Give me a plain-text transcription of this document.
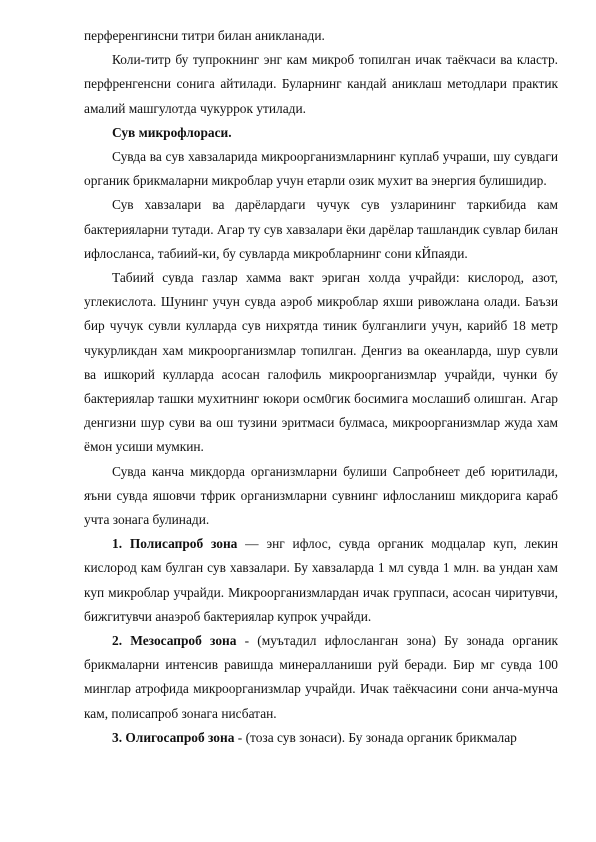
перференгинсни титри билан аникланади.

Коли-титр бу тупрокнинг энг кам микроб топилган ичак таёкчаси ва кластр. перфренгенсни сонига айтилади. Буларнинг кандай аниклаш методлари практик амалий машгулотда чукуррок утилади.

Сув микрофлораси.

Сувда ва сув хавзаларида микроорганизмларнинг куплаб учраши, шу сувдаги органик брикмаларни микроблар учун етарли озик мухит ва энергия булишидир.

Сув хавзалари ва дарёлардаги чучук сув узларининг таркибида кам бактерияларни тутади. Агар ту сув хавзалари ёки дарёлар ташландик сувлар билан ифлосланса, табиий-ки, бу сувларда микробларнинг сони кЙпаяди.

Табиий сувда газлар хамма вакт эриган холда учрайди: кислород, азот, углекислота. Шунинг учун сувда аэроб микроблар яхши ривожлана олади. Баъзи бир чучук сувли кулларда сув нихрятда тиник булганлиги учун, карийб 18 метр чукурликдан хам микроорганизмлар топилган. Денгиз ва океанларда, шур сувли ва ишкорий кулларда асосан галофиль микроорганизмлар учрайди, чунки бу бактериялар ташки мухитнинг юкори осм0гик босимига мослашиб олишган. Агар денгизни шур суви ва ош тузини эритмаси булмаса, микроорганизмлар жуда хам ёмон усиши мумкин.

Сувда канча микдорда организмларни булиши Сапробнеет деб юритилади, яъни сувда яшовчи тфрик организмларни сувнинг ифлосланиш микдорига караб учта зонага булинади.

1. Полисапроб зона — энг ифлос, сувда органик модцалар куп, лекин кислород кам булган сув хавзалари. Бу хавзаларда 1 мл сувда 1 млн. ва ундан хам куп микроблар учрайди. Микроорганизмлардан ичак группаси, асосан чиритувчи, бижгитувчи анаэроб бактериялар купрок учрайди.

2. Мезосапроб зона - (муътадил ифлосланган зона) Бу зонада органик брикмаларни интенсив равишда минералланиши руй беради. Бир мг сувда 100 минглар атрофида микроорганизмлар учрайди. Ичак таёкчасини сони анча-мунча кам, полисапроб зонага нисбатан.

3. Олигосапроб зона - (тоза сув зонаси). Бу зонада органик брикмалар
